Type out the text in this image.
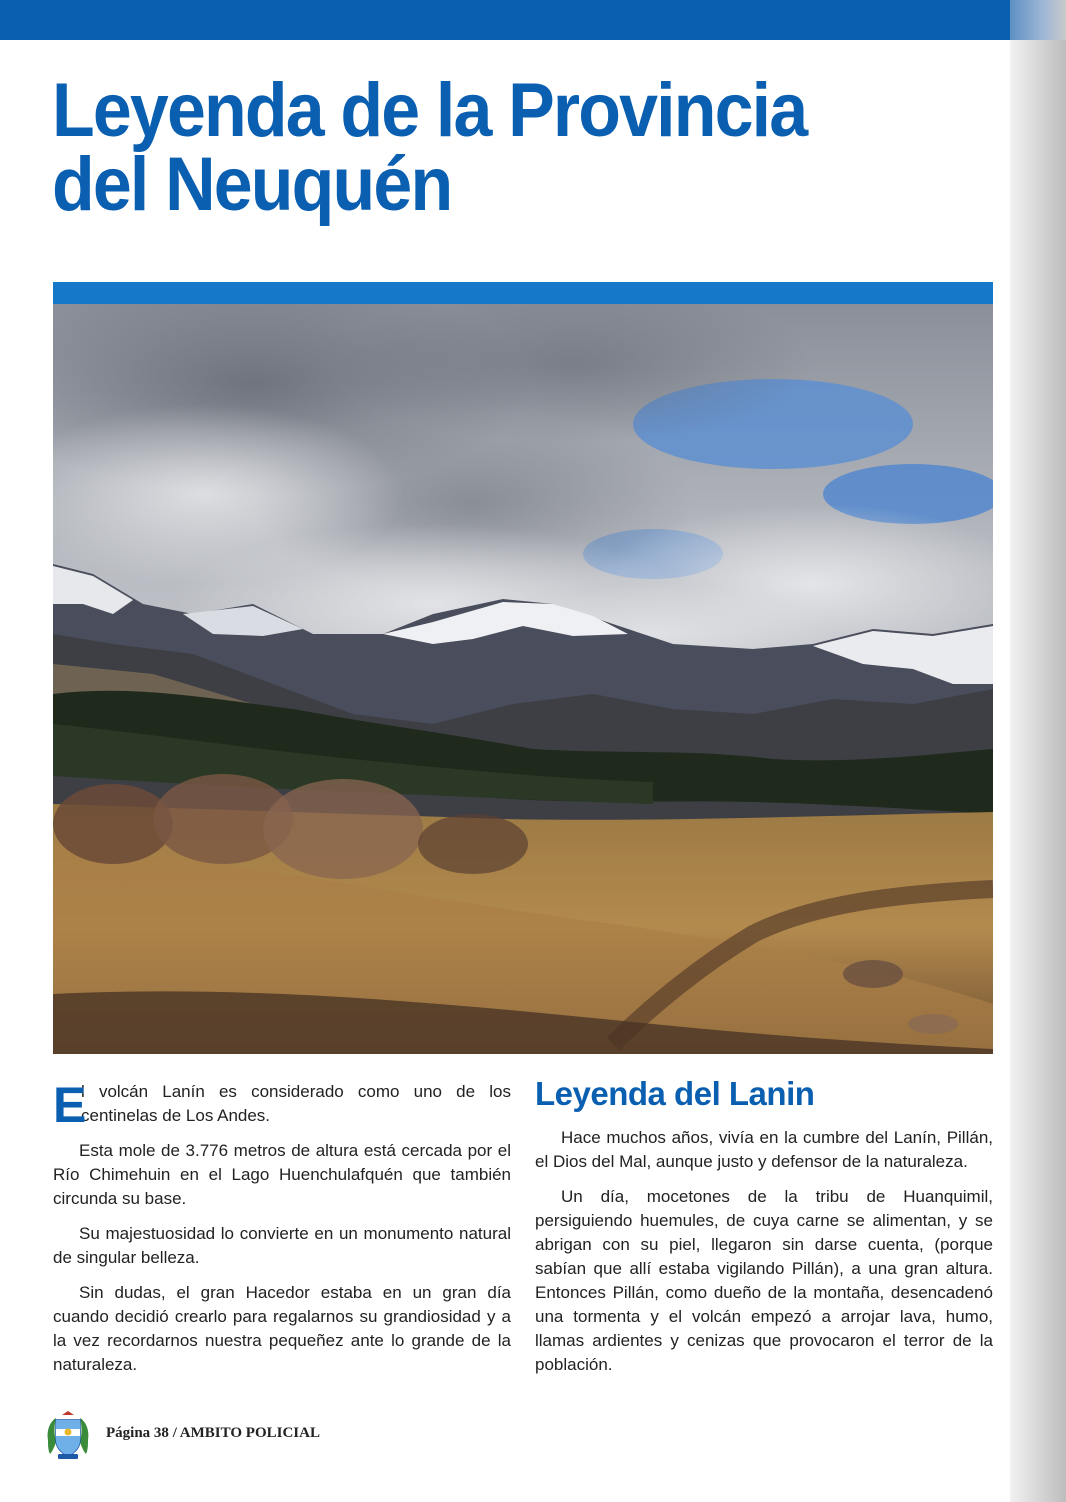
Leyenda de la Provincia
del Neuquén

E
l volcán Lanín es considerado como uno de los centinelas de Los Andes.

Esta mole de 3.776 metros de altura está cercada por el Río Chimehuin en el Lago Huenchulafquén que también circunda su base.

Su majestuosidad lo convierte en un monumento natural de singular belleza.

Sin dudas, el gran Hacedor estaba en un gran día cuando decidió crearlo para regalarnos su grandiosidad y a la vez recordarnos nuestra pequeñez ante lo grande de la naturaleza.

Leyenda del Lanin

Hace muchos años, vivía en la cumbre del Lanín, Pillán, el Dios del Mal, aunque justo y defensor de la naturaleza.

Un día, mocetones de la tribu de Huanquimil, persiguiendo huemules, de cuya carne se alimentan, y se abrigan con su piel, llegaron sin darse cuenta, (porque sabían que allí estaba vigilando Pillán), a una gran altura. Entonces Pillán, como dueño de la montaña, desencadenó una tormenta y el volcán empezó a arrojar lava, humo, llamas ardientes y cenizas que provocaron el terror de la población.

Página 38 / AMBITO POLICIAL
